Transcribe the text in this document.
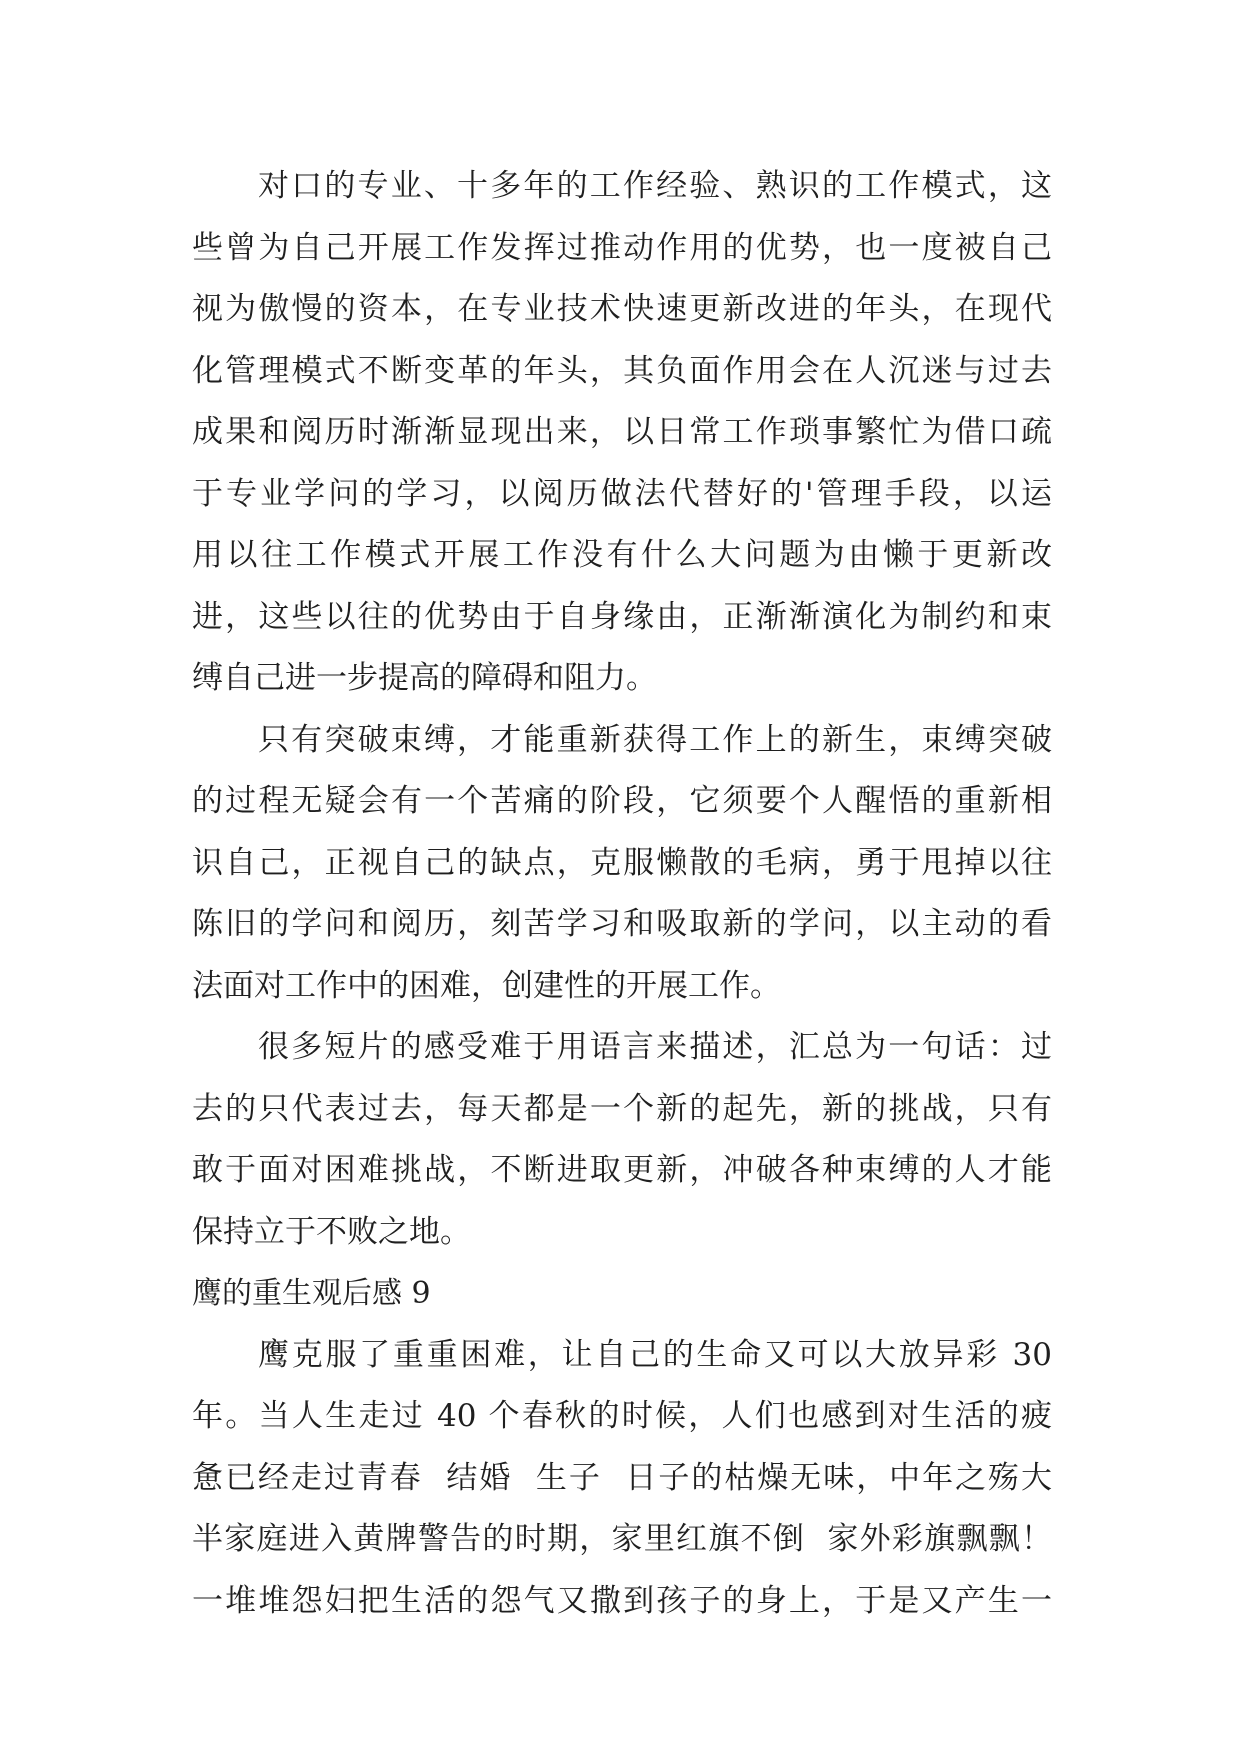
对口的专业、十多年的工作经验、熟识的工作模式，这
些曾为自己开展工作发挥过推动作用的优势，也一度被自己
视为傲慢的资本，在专业技术快速更新改进的年头，在现代
化管理模式不断变革的年头，其负面作用会在人沉迷与过去
成果和阅历时渐渐显现出来，以日常工作琐事繁忙为借口疏
于专业学问的学习，以阅历做法代替好的'管理手段，以运
用以往工作模式开展工作没有什么大问题为由懒于更新改
进，这些以往的优势由于自身缘由，正渐渐演化为制约和束
缚自己进一步提高的障碍和阻力。
只有突破束缚，才能重新获得工作上的新生，束缚突破
的过程无疑会有一个苦痛的阶段，它须要个人醒悟的重新相
识自己，正视自己的缺点，克服懒散的毛病，勇于甩掉以往
陈旧的学问和阅历，刻苦学习和吸取新的学问，以主动的看
法面对工作中的困难，创建性的开展工作。
很多短片的感受难于用语言来描述，汇总为一句话：过
去的只代表过去，每天都是一个新的起先，新的挑战，只有
敢于面对困难挑战，不断进取更新，冲破各种束缚的人才能
保持立于不败之地。
鹰的重生观后感 9
鹰克服了重重困难，让自己的生命又可以大放异彩 30
年。当人生走过 40 个春秋的时候，人们也感到对生活的疲
惫已经走过青春  结婚  生子  日子的枯燥无味，中年之殇大
半家庭进入黄牌警告的时期，家里红旗不倒  家外彩旗飘飘！
一堆堆怨妇把生活的怨气又撒到孩子的身上，于是又产生一
